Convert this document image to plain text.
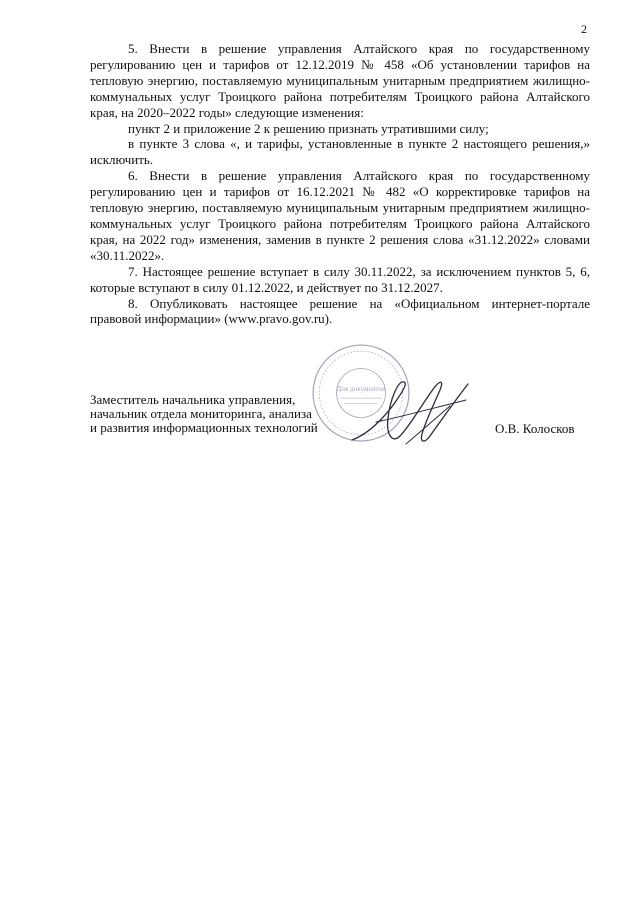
2

5. Внести в решение управления Алтайского края по государственному регулированию цен и тарифов от 12.12.2019 № 458 «Об установлении тарифов на тепловую энергию, поставляемую муниципальным унитарным предприятием жилищно-коммунальных услуг Троицкого района потребителям Троицкого района Алтайского края, на 2020–2022 годы» следующие изменения:

пункт 2 и приложение 2 к решению признать утратившими силу;

в пункте 3 слова «, и тарифы, установленные в пункте 2 настоящего решения,» исключить.

6. Внести в решение управления Алтайского края по государственному регулированию цен и тарифов от 16.12.2021 № 482 «О корректировке тарифов на тепловую энергию, поставляемую муниципальным унитарным предприятием жилищно-коммунальных услуг Троицкого района потребителям Троицкого района Алтайского края, на 2022 год» изменения, заменив в пункте 2 решения слова «31.12.2022» словами «30.11.2022».

7. Настоящее решение вступает в силу 30.11.2022, за исключением пунктов 5, 6, которые вступают в силу 01.12.2022, и действует по 31.12.2027.

8. Опубликовать настоящее решение на «Официальном интернет-портале правовой информации» (www.pravo.gov.ru).

Для документов
Заместитель начальника управления,
начальник отдела мониторинга, анализа
и развития информационных технологий	О.В. Колосков
